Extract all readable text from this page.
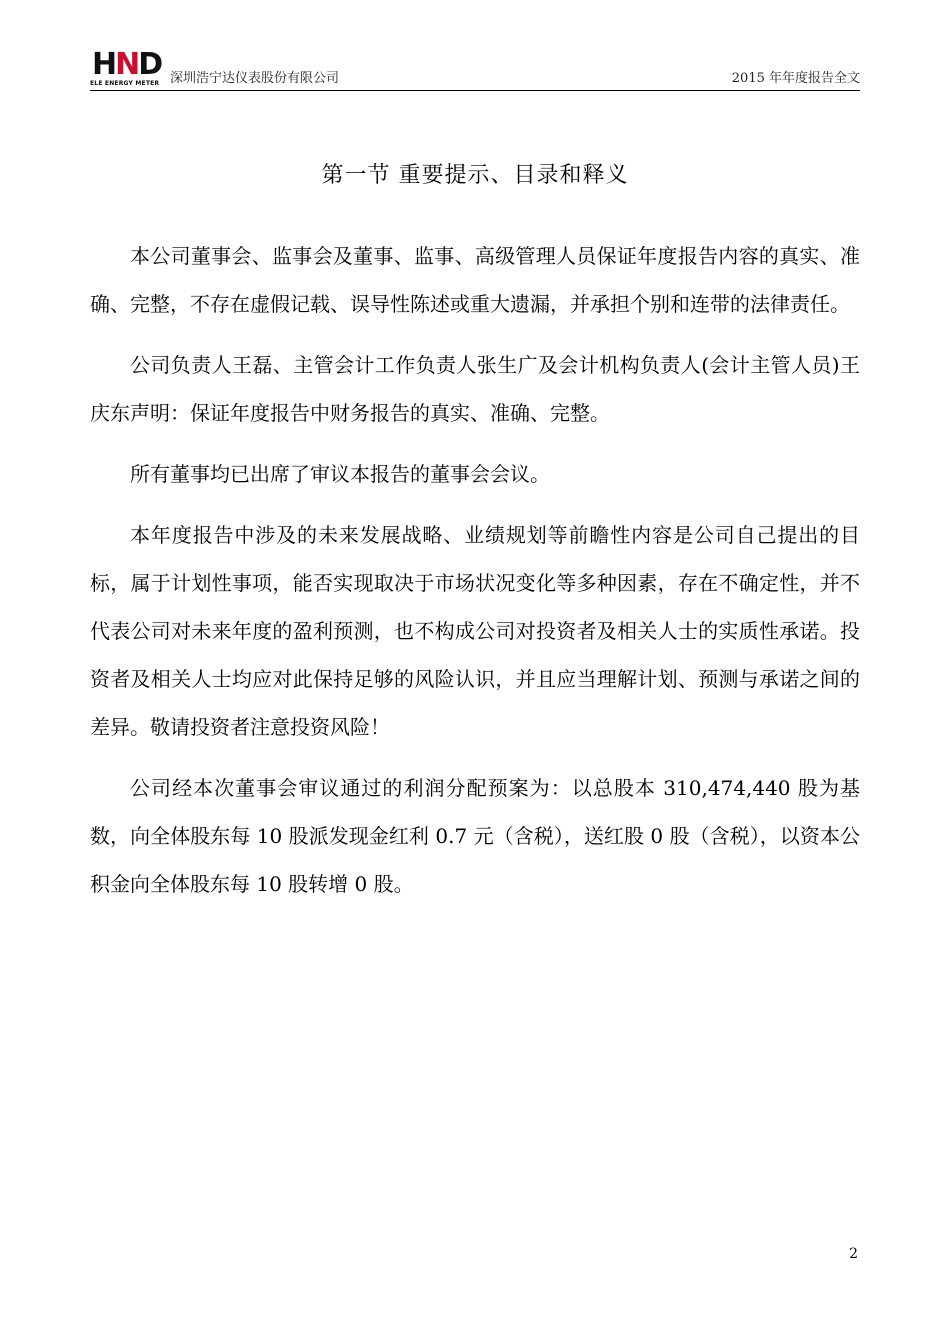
HND
ELE ENERGY METER 深圳浩宁达仪表股份有限公司	2015 年年度报告全文
第一节 重要提示、目录和释义

本公司董事会、监事会及董事、监事、高级管理人员保证年度报告内容的真实、准确、完整，不存在虚假记载、误导性陈述或重大遗漏，并承担个别和连带的法律责任。

公司负责人王磊、主管会计工作负责人张生广及会计机构负责人(会计主管人员)王庆东声明：保证年度报告中财务报告的真实、准确、完整。

所有董事均已出席了审议本报告的董事会会议。

本年度报告中涉及的未来发展战略、业绩规划等前瞻性内容是公司自己提出的目标，属于计划性事项，能否实现取决于市场状况变化等多种因素，存在不确定性，并不代表公司对未来年度的盈利预测，也不构成公司对投资者及相关人士的实质性承诺。投资者及相关人士均应对此保持足够的风险认识，并且应当理解计划、预测与承诺之间的差异。敬请投资者注意投资风险！

公司经本次董事会审议通过的利润分配预案为：以总股本 310,474,440 股为基数，向全体股东每 10 股派发现金红利 0.7 元（含税），送红股 0 股（含税），以资本公积金向全体股东每 10 股转增 0 股。

2
